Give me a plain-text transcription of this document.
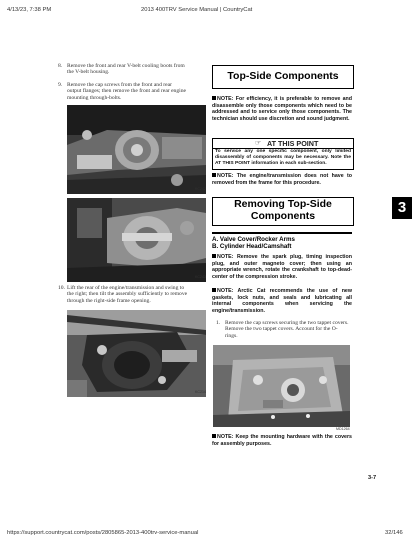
4/13/23, 7:38 PM	2013 400TRV Service Manual | CountryCat
https://support.countrycat.com/posts/2805865-2013-400trv-service-manual	32/146
8. Remove the front and rear V-belt cooling boots from the V-belt housing.
9. Remove the cap screws from the front and rear output flanges; then remove the front and rear engine mounting through-bolts.
KC242
KC243
10. Lift the rear of the engine/transmission and swing to the right; then tilt the assembly sufficiently to remove through the right-side frame opening.
KC214
Top-Side Components
NOTE: For efficiency, it is preferable to remove and disassemble only those components which need to be addressed and to service only those components. The technician should use discretion and sound judgment.
☞ AT THIS POINT
To service any one specific component, only limited disassembly of components may be necessary. Note the AT THIS POINT information in each sub-section.
NOTE: The engine/transmission does not have to removed from the frame for this procedure.
Removing Top-Side
Components	3
A. Valve Cover/Rocker Arms
B. Cylinder Head/Camshaft
NOTE: Remove the spark plug, timing inspection plug, and outer magneto cover; then using an appropriate wrench, rotate the crankshaft to top-dead-center of the compression stroke.
NOTE: Arctic Cat recommends the use of new gaskets, lock nuts, and seals and lubricating all internal components when servicing the engine/transmission.
1. Remove the cap screws securing the two tappet covers. Remove the two tappet covers. Account for the O-rings.
MD1264
NOTE: Keep the mounting hardware with the covers for assembly purposes.
3-7
